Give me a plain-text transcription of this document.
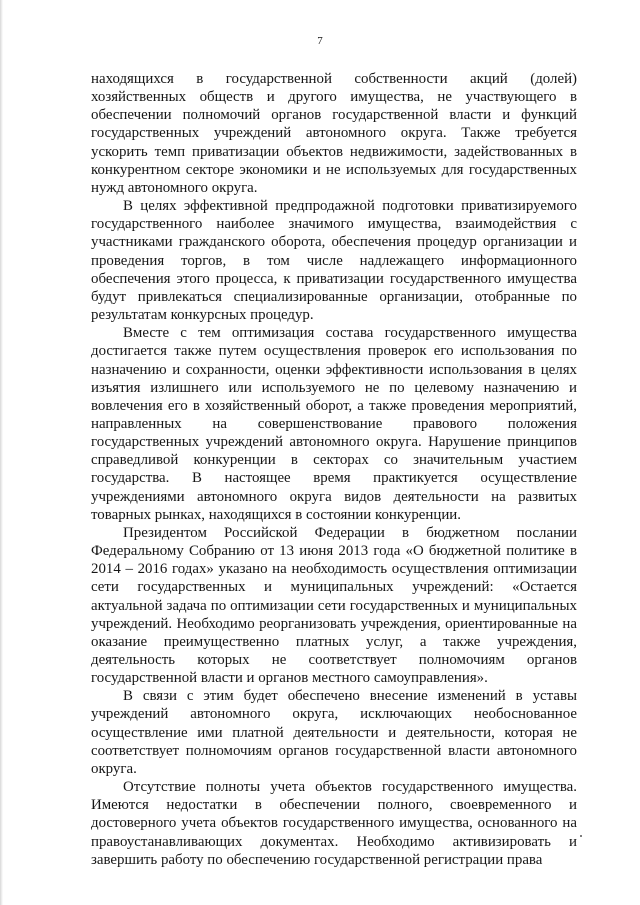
7

находящихся в государственной собственности акций (долей) хозяйственных обществ и другого имущества, не участвующего в обеспечении полномочий органов государственной власти и функций государственных учреждений автономного округа. Также требуется ускорить темп приватизации объектов недвижимости, задействованных в конкурентном секторе экономики и не используемых для государственных нужд автономного округа.

В целях эффективной предпродажной подготовки приватизируемого государственного наиболее значимого имущества, взаимодействия с участниками гражданского оборота, обеспечения процедур организации и проведения торгов, в том числе надлежащего информационного обеспечения этого процесса, к приватизации государственного имущества будут привлекаться специализированные организации, отобранные по результатам конкурсных процедур.

Вместе с тем оптимизация состава государственного имущества достигается также путем осуществления проверок его использования по назначению и сохранности, оценки эффективности использования в целях изъятия излишнего или используемого не по целевому назначению и вовлечения его в хозяйственный оборот, а также проведения мероприятий, направленных на совершенствование правового положения государственных учреждений автономного округа. Нарушение принципов справедливой конкуренции в секторах со значительным участием государства. В настоящее время практикуется осуществление учреждениями автономного округа видов деятельности на развитых товарных рынках, находящихся в состоянии конкуренции.

Президентом Российской Федерации в бюджетном послании Федеральному Собранию от 13 июня 2013 года «О бюджетной политике в 2014 – 2016 годах» указано на необходимость осуществления оптимизации сети государственных и муниципальных учреждений: «Остается актуальной задача по оптимизации сети государственных и муниципальных учреждений. Необходимо реорганизовать учреждения, ориентированные на оказание преимущественно платных услуг, а также учреждения, деятельность которых не соответствует полномочиям органов государственной власти и органов местного самоуправления».

В связи с этим будет обеспечено внесение изменений в уставы учреждений автономного округа, исключающих необоснованное осуществление ими платной деятельности и деятельности, которая не соответствует полномочиям органов государственной власти автономного округа.

Отсутствие полноты учета объектов государственного имущества. Имеются недостатки в обеспечении полного, своевременного и достоверного учета объектов государственного имущества, основанного на правоустанавливающих документах. Необходимо активизировать и завершить работу по обеспечению государственной регистрации права
